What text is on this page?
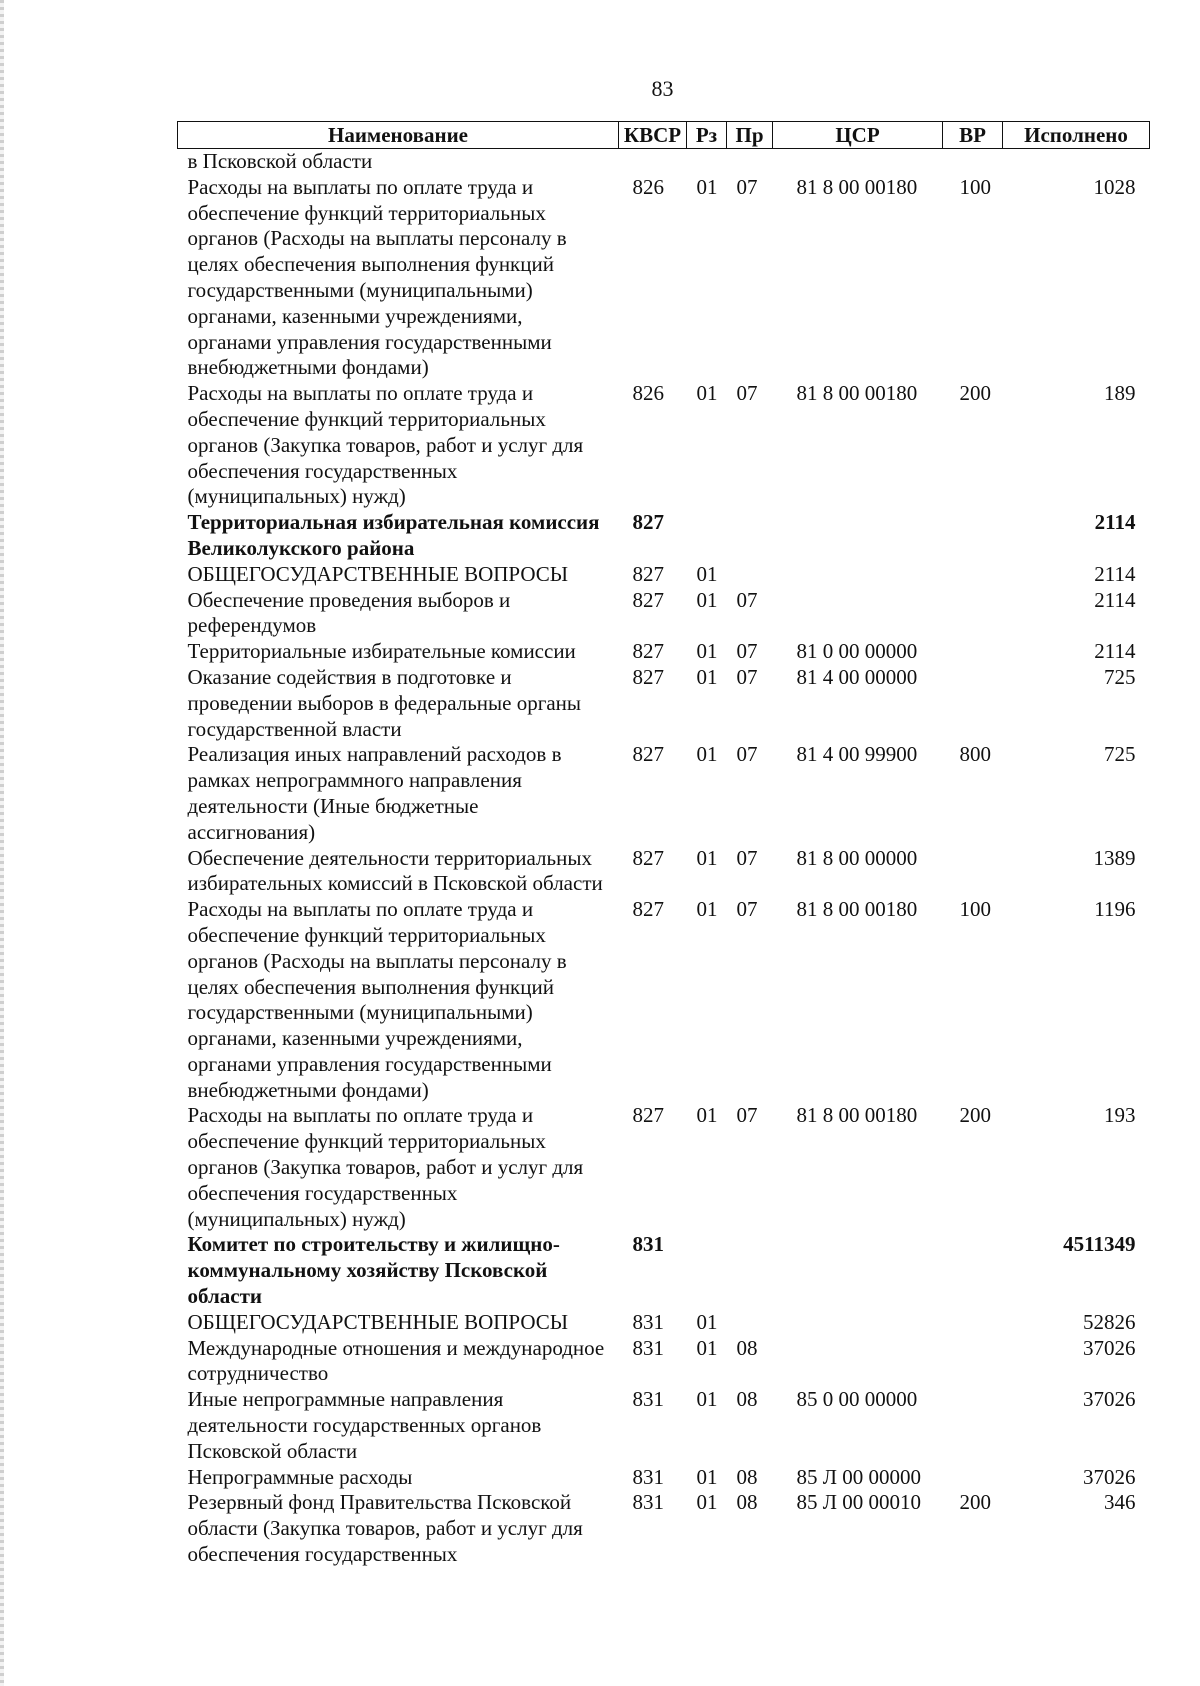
83
Наименование	КВСР	Рз	Пр	ЦСР	ВР	Исполнено
в Псковской области						
Расходы на выплаты по оплате труда и обеспечение функций территориальных органов (Расходы на выплаты персоналу в целях обеспечения выполнения функций государственными (муниципальными) органами, казенными учреждениями, органами управления государственными внебюджетными фондами)	826	01	07	81 8 00 00180	100	1028
Расходы на выплаты по оплате труда и обеспечение функций территориальных органов (Закупка товаров, работ и услуг для обеспечения государственных (муниципальных) нужд)	826	01	07	81 8 00 00180	200	189
Территориальная избирательная комиссия Великолукского района	827					2114
ОБЩЕГОСУДАРСТВЕННЫЕ ВОПРОСЫ	827	01				2114
Обеспечение проведения выборов и референдумов	827	01	07			2114
Территориальные избирательные комиссии	827	01	07	81 0 00 00000		2114
Оказание содействия в подготовке и проведении выборов в федеральные органы государственной власти	827	01	07	81 4 00 00000		725
Реализация иных направлений расходов в рамках непрограммного направления деятельности (Иные бюджетные ассигнования)	827	01	07	81 4 00 99900	800	725
Обеспечение деятельности территориальных избирательных комиссий в Псковской области	827	01	07	81 8 00 00000		1389
Расходы на выплаты по оплате труда и обеспечение функций территориальных органов (Расходы на выплаты персоналу в целях обеспечения выполнения функций государственными (муниципальными) органами, казенными учреждениями, органами управления государственными внебюджетными фондами)	827	01	07	81 8 00 00180	100	1196
Расходы на выплаты по оплате труда и обеспечение функций территориальных органов (Закупка товаров, работ и услуг для обеспечения государственных (муниципальных) нужд)	827	01	07	81 8 00 00180	200	193
Комитет по строительству и жилищно-коммунальному хозяйству Псковской области	831					4511349
ОБЩЕГОСУДАРСТВЕННЫЕ ВОПРОСЫ	831	01				52826
Международные отношения и международное сотрудничество	831	01	08			37026
Иные непрограммные направления деятельности государственных органов Псковской области	831	01	08	85 0 00 00000		37026
Непрограммные расходы	831	01	08	85 Л 00 00000		37026
Резервный фонд Правительства Псковской области (Закупка товаров, работ и услуг для обеспечения государственных	831	01	08	85 Л 00 00010	200	346
